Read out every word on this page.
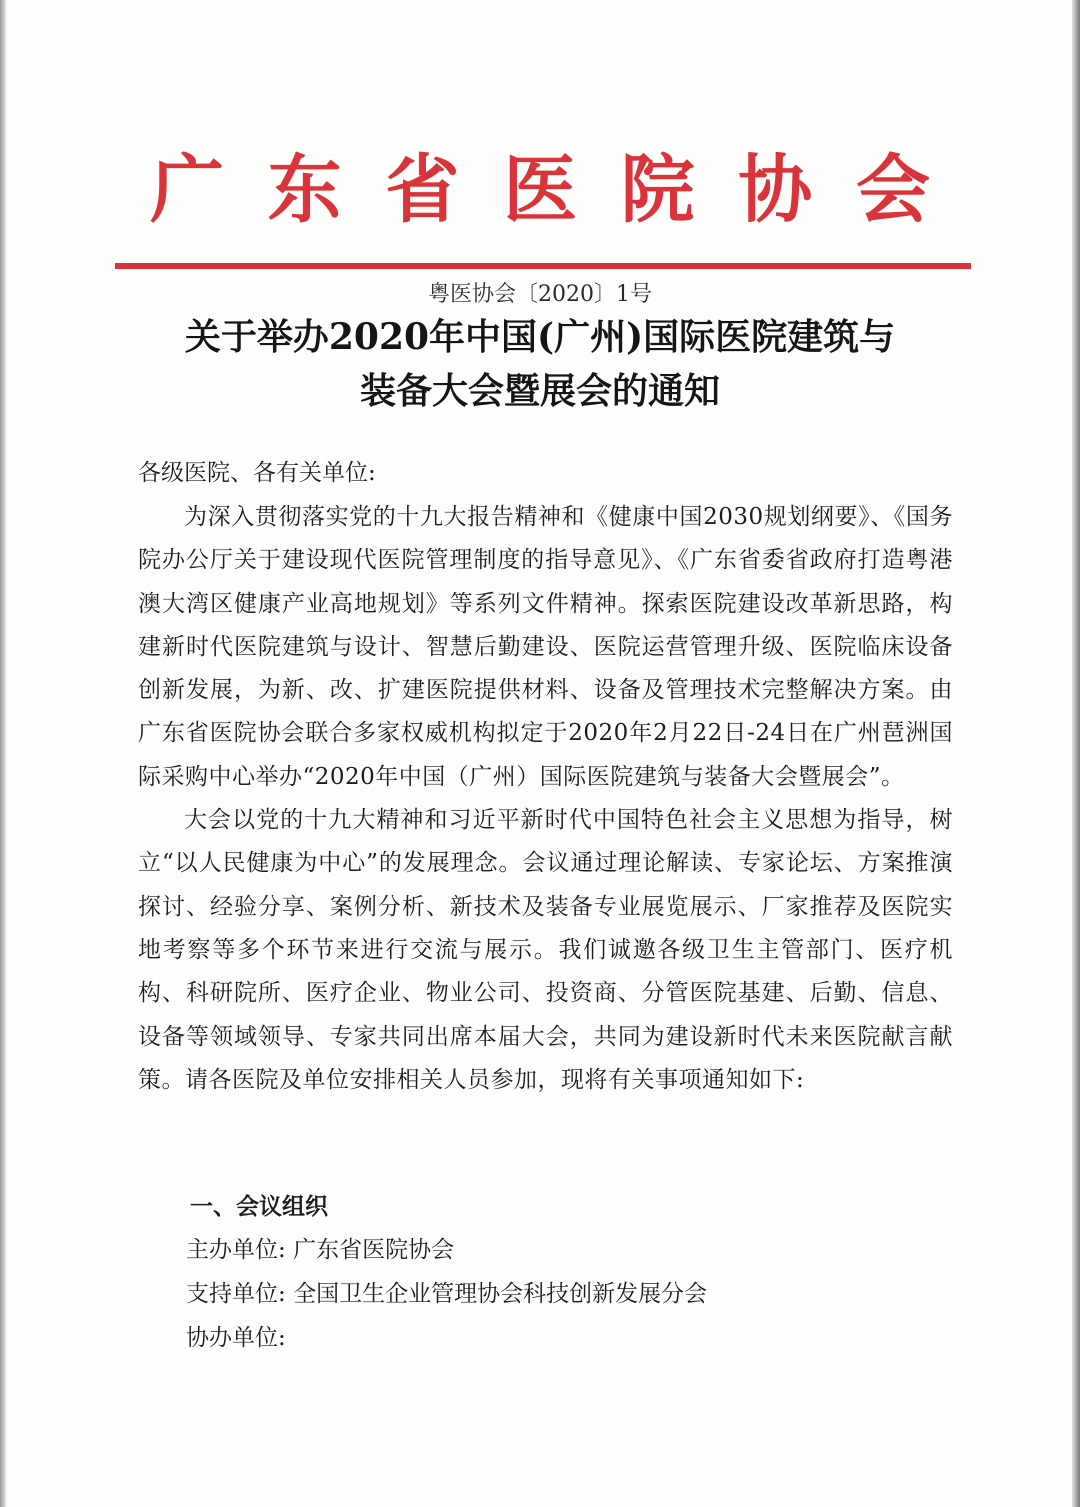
广 东 省 医 院 协 会
粤医协会〔2020〕1号
关于举办2020年中国(广州)国际医院建筑与
装备大会暨展会的通知
各级医院、各有关单位:

为深入贯彻落实党的十九大报告精神和《健康中国2030规划纲要》、《国务院办公厅关于建设现代医院管理制度的指导意见》、《广东省委省政府打造粤港澳大湾区健康产业高地规划》等系列文件精神。探索医院建设改革新思路，构建新时代医院建筑与设计、智慧后勤建设、医院运营管理升级、医院临床设备创新发展，为新、改、扩建医院提供材料、设备及管理技术完整解决方案。由广东省医院协会联合多家权威机构拟定于2020年2月22日-24日在广州琶洲国际采购中心举办“2020年中国（广州）国际医院建筑与装备大会暨展会”。

大会以党的十九大精神和习近平新时代中国特色社会主义思想为指导，树立“以人民健康为中心”的发展理念。会议通过理论解读、专家论坛、方案推演探讨、经验分享、案例分析、新技术及装备专业展览展示、厂家推荐及医院实地考察等多个环节来进行交流与展示。我们诚邀各级卫生主管部门、医疗机构、科研院所、医疗企业、物业公司、投资商、分管医院基建、后勤、信息、设备等领域领导、专家共同出席本届大会，共同为建设新时代未来医院献言献策。请各医院及单位安排相关人员参加，现将有关事项通知如下:

一、会议组织
主办单位: 广东省医院协会
支持单位: 全国卫生企业管理协会科技创新发展分会
协办单位:
